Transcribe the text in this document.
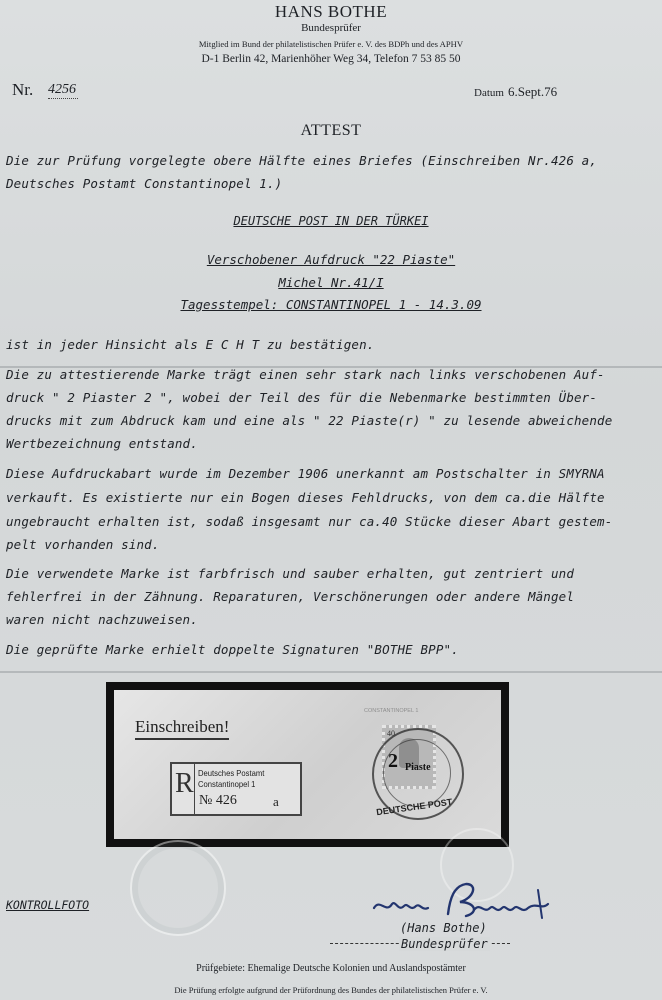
HANS BOTHE
Bundesprüfer
Mitglied im Bund der philatelistischen Prüfer e. V. des BDPh und des APHV
D-1 Berlin 42, Marienhöher Weg 34, Telefon 7 53 85 50
Nr. 4256	Datum 6.Sept.76
ATTEST
Die zur Prüfung vorgelegte obere Hälfte eines Briefes (Einschreiben Nr.426 a,
Deutsches Postamt Constantinopel 1.)
DEUTSCHE POST IN DER TÜRKEI
Verschobener Aufdruck "22 Piaste"
Michel Nr.41/I
Tagesstempel: CONSTANTINOPEL 1 - 14.3.09
ist in jeder Hinsicht als E C H T zu bestätigen.
Die zu attestierende Marke trägt einen sehr stark nach links verschobenen Auf-
druck " 2 Piaster 2 ", wobei der Teil des für die Nebenmarke bestimmten Über-
drucks mit zum Abdruck kam und eine als " 22 Piaste(r) " zu lesende abweichende
Wertbezeichnung entstand.
Diese Aufdruckabart wurde im Dezember 1906 unerkannt am Postschalter in SMYRNA
verkauft. Es existierte nur ein Bogen dieses Fehldrucks, von dem ca.die Hälfte
ungebraucht erhalten ist, sodaß insgesamt nur ca.40 Stücke dieser Abart gestem-
pelt vorhanden sind.
Die verwendete Marke ist farbfrisch und sauber erhalten, gut zentriert und
fehlerfrei in der Zähnung. Reparaturen, Verschönerungen oder andere Mängel
waren nicht nachzuweisen.
Die geprüfte Marke erhielt doppelte Signaturen "BOTHE BPP".
Einschreiben!
R Deutsches Postamt
Constantinopel 1
№ 426	a
40
2 Piaste
DEUTSCHE POST
CONSTANTINOPEL 1
KONTROLLFOTO
(Hans Bothe)
Bundesprüfer
Prüfgebiete: Ehemalige Deutsche Kolonien und Auslandspostämter
Die Prüfung erfolgte aufgrund der Prüfordnung des Bundes der philatelistischen Prüfer e. V.
